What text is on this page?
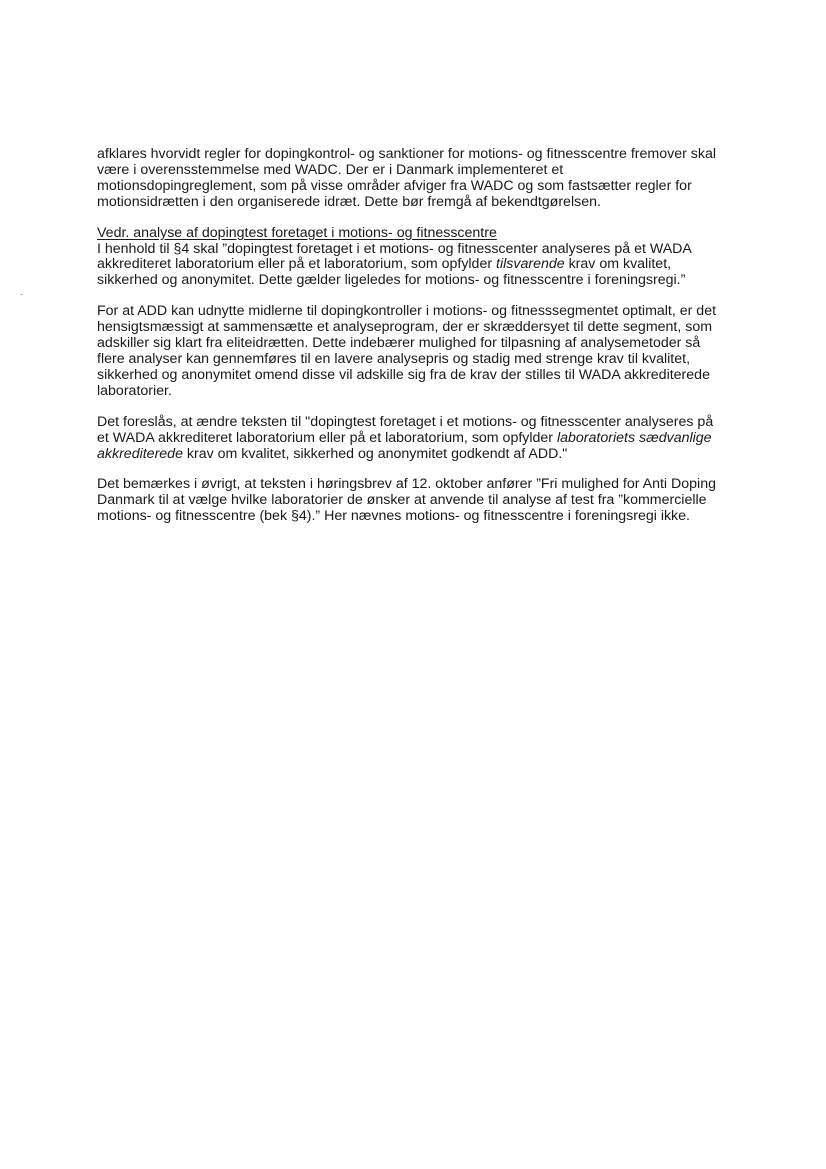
afklares hvorvidt regler for dopingkontrol- og sanktioner for motions- og fitnesscentre fremover skal
være i overensstemmelse med WADC. Der er i Danmark implementeret et
motionsdopingreglement, som på visse områder afviger fra WADC og som fastsætter regler for
motionsidrætten i den organiserede idræt. Dette bør fremgå af bekendtgørelsen.
Vedr. analyse af dopingtest foretaget i motions- og fitnesscentre
I henhold til §4 skal ”dopingtest foretaget i et motions- og fitnesscenter analyseres på et WADA
akkrediteret laboratorium eller på et laboratorium, som opfylder tilsvarende krav om kvalitet,
sikkerhed og anonymitet. Dette gælder ligeledes for motions- og fitnesscentre i foreningsregi.”
For at ADD kan udnytte midlerne til dopingkontroller i motions- og fitnesssegmentet optimalt, er det
hensigtsmæssigt at sammensætte et analyseprogram, der er skræddersyet til dette segment, som
adskiller sig klart fra eliteidrætten. Dette indebærer mulighed for tilpasning af analysemetoder så
flere analyser kan gennemføres til en lavere analysepris og stadig med strenge krav til kvalitet,
sikkerhed og anonymitet omend disse vil adskille sig fra de krav der stilles til WADA akkrediterede
laboratorier.
Det foreslås, at ændre teksten til "dopingtest foretaget i et motions- og fitnesscenter analyseres på
et WADA akkrediteret laboratorium eller på et laboratorium, som opfylder laboratoriets sædvanlige
akkrediterede krav om kvalitet, sikkerhed og anonymitet godkendt af ADD."
Det bemærkes i øvrigt, at teksten i høringsbrev af 12. oktober anfører ”Fri mulighed for Anti Doping
Danmark til at vælge hvilke laboratorier de ønsker at anvende til analyse af test fra ”kommercielle
motions- og fitnesscentre (bek §4).” Her nævnes motions- og fitnesscentre i foreningsregi ikke.
